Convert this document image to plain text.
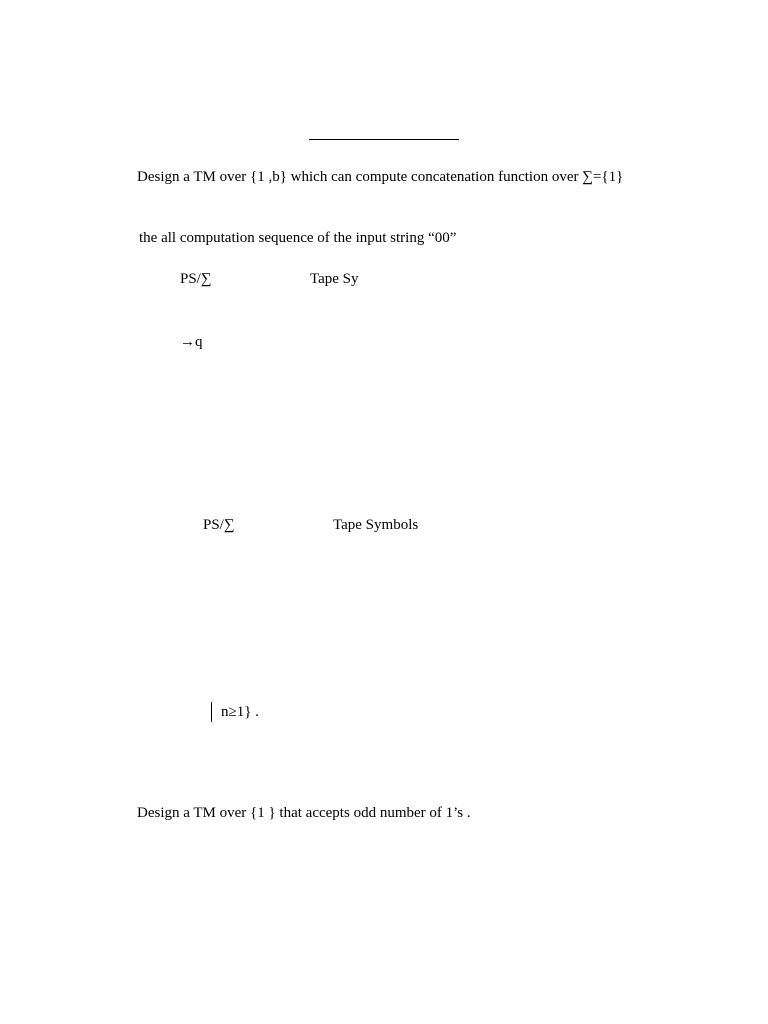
Design a TM over {1 ,b} which can compute concatenation function over ∑={1}
the all computation sequence of the input string “00”
PS/∑	Tape Sy
→q
PS/∑	Tape Symbols
n≥1} .
Design a TM over {1 } that accepts odd number of 1’s .
